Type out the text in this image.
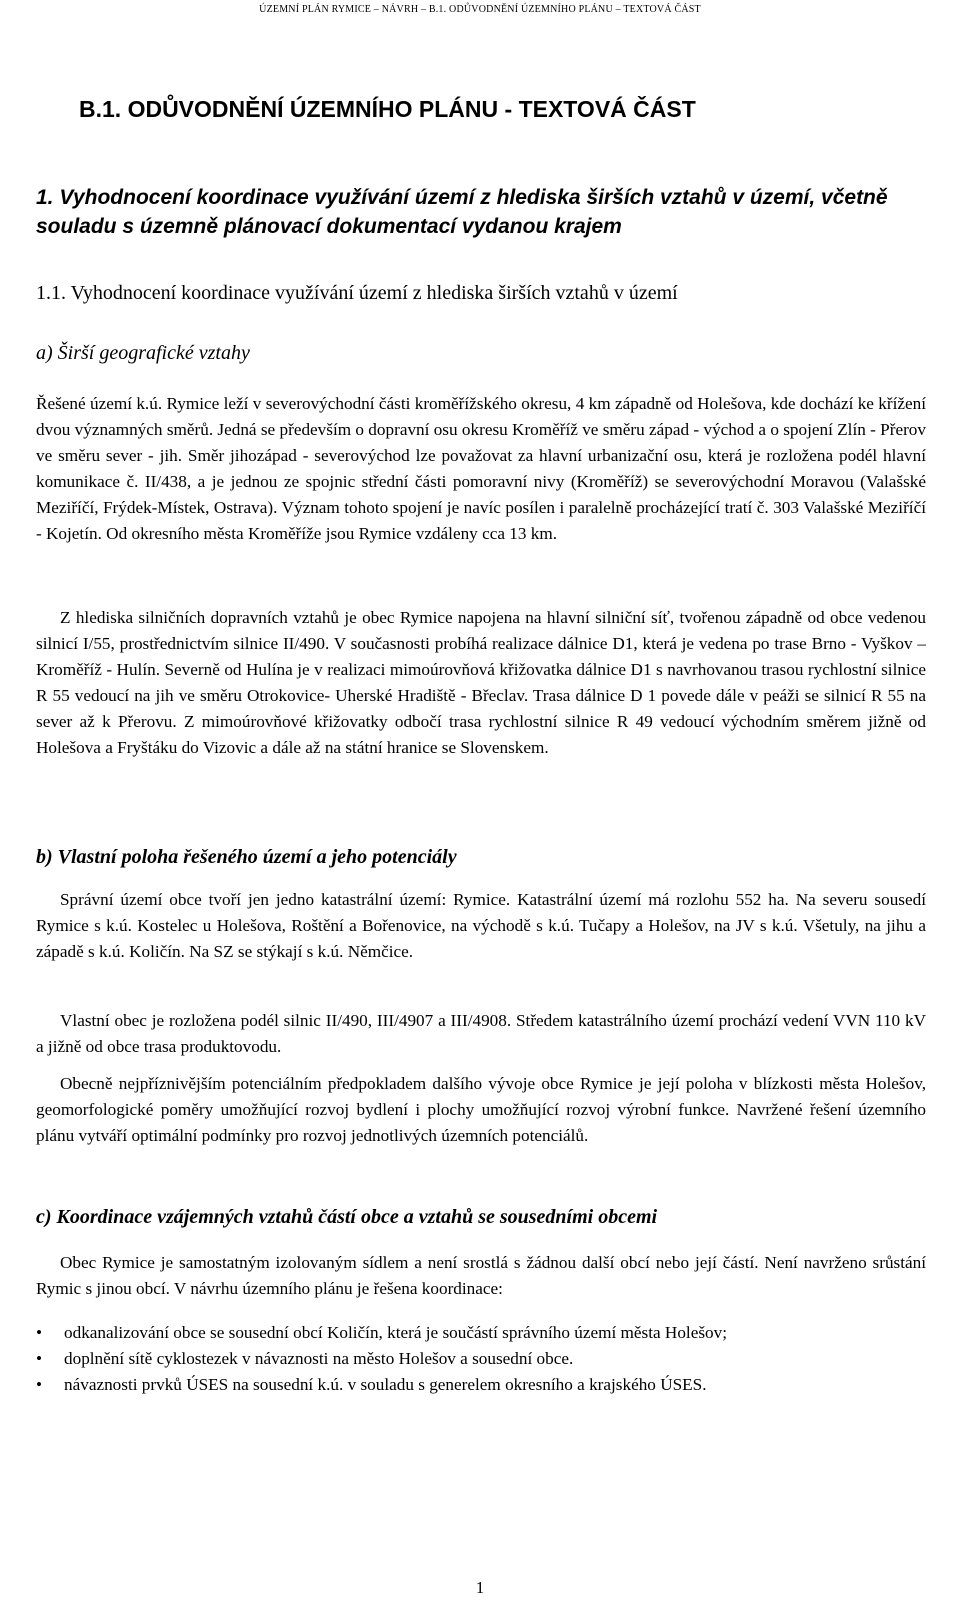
ÚZEMNÍ PLÁN RYMICE – NÁVRH – B.1. ODŮVODNĚNÍ ÚZEMNÍHO PLÁNU – TEXTOVÁ ČÁST
B.1. ODŮVODNĚNÍ ÚZEMNÍHO PLÁNU - TEXTOVÁ ČÁST
1. Vyhodnocení koordinace využívání území z hlediska širších vztahů v území, včetně souladu s územně plánovací dokumentací vydanou krajem
1.1. Vyhodnocení koordinace využívání území z hlediska širších vztahů v území
a) Širší geografické vztahy

Řešené území k.ú. Rymice leží v severovýchodní části kroměřížského okresu, 4 km západně od Holešova, kde dochází ke křížení dvou významných směrů. Jedná se především o dopravní osu okresu Kroměříž ve směru západ - východ a o spojení Zlín - Přerov ve směru sever - jih. Směr jihozápad - severovýchod lze považovat za hlavní urbanizační osu, která je rozložena podél hlavní komunikace č. II/438, a je jednou ze spojnic střední části pomoravní nivy (Kroměříž) se severovýchodní Moravou (Valašské Meziříčí, Frýdek-Místek, Ostrava). Význam tohoto spojení je navíc posílen i paralelně procházející tratí č. 303 Valašské Meziříčí - Kojetín. Od okresního města Kroměříže jsou Rymice vzdáleny cca 13 km.

Z hlediska silničních dopravních vztahů je obec Rymice napojena na hlavní silniční síť, tvořenou západně od obce vedenou silnicí I/55, prostřednictvím silnice II/490. V současnosti probíhá realizace dálnice D1, která je vedena po trase Brno - Vyškov – Kroměříž - Hulín. Severně od Hulína je v realizaci mimoúrovňová křižovatka dálnice D1 s navrhovanou trasou rychlostní silnice R 55 vedoucí na jih ve směru Otrokovice- Uherské Hradiště - Břeclav. Trasa dálnice D 1 povede dále v peáži se silnicí R 55 na sever až k Přerovu. Z mimoúrovňové křižovatky odbočí trasa rychlostní silnice R 49 vedoucí východním směrem jižně od Holešova a Fryštáku do Vizovic a dále až na státní hranice se Slovenskem.

b) Vlastní poloha řešeného území a jeho potenciály

Správní území obce tvoří jen jedno katastrální území: Rymice. Katastrální území má rozlohu 552 ha. Na severu sousedí Rymice s k.ú. Kostelec u Holešova, Roštění a Bořenovice, na východě s k.ú. Tučapy a Holešov, na JV s k.ú. Všetuly, na jihu a západě s k.ú. Količín. Na SZ se stýkají s k.ú. Němčice.

Vlastní obec je rozložena podél silnic II/490, III/4907 a III/4908. Středem katastrálního území prochází vedení VVN 110 kV a jižně od obce trasa produktovodu.

Obecně nejpříznivějším potenciálním předpokladem dalšího vývoje obce Rymice je její poloha v blízkosti města Holešov, geomorfologické poměry umožňující rozvoj bydlení i plochy umožňující rozvoj výrobní funkce. Navržené řešení územního plánu vytváří optimální podmínky pro rozvoj jednotlivých územních potenciálů.

c) Koordinace vzájemných vztahů částí obce a vztahů se sousedními obcemi

Obec Rymice je samostatným izolovaným sídlem a není srostlá s žádnou další obcí nebo její částí. Není navrženo srůstání Rymic s jinou obcí. V návrhu územního plánu je řešena koordinace:

• odkanalizování obce se sousední obcí Količín, která je součástí správního území města Holešov;
• doplnění sítě cyklostezek v návaznosti na město Holešov a sousední obce.
• návaznosti prvků ÚSES na sousední k.ú. v souladu s generelem okresního a krajského ÚSES.
1
